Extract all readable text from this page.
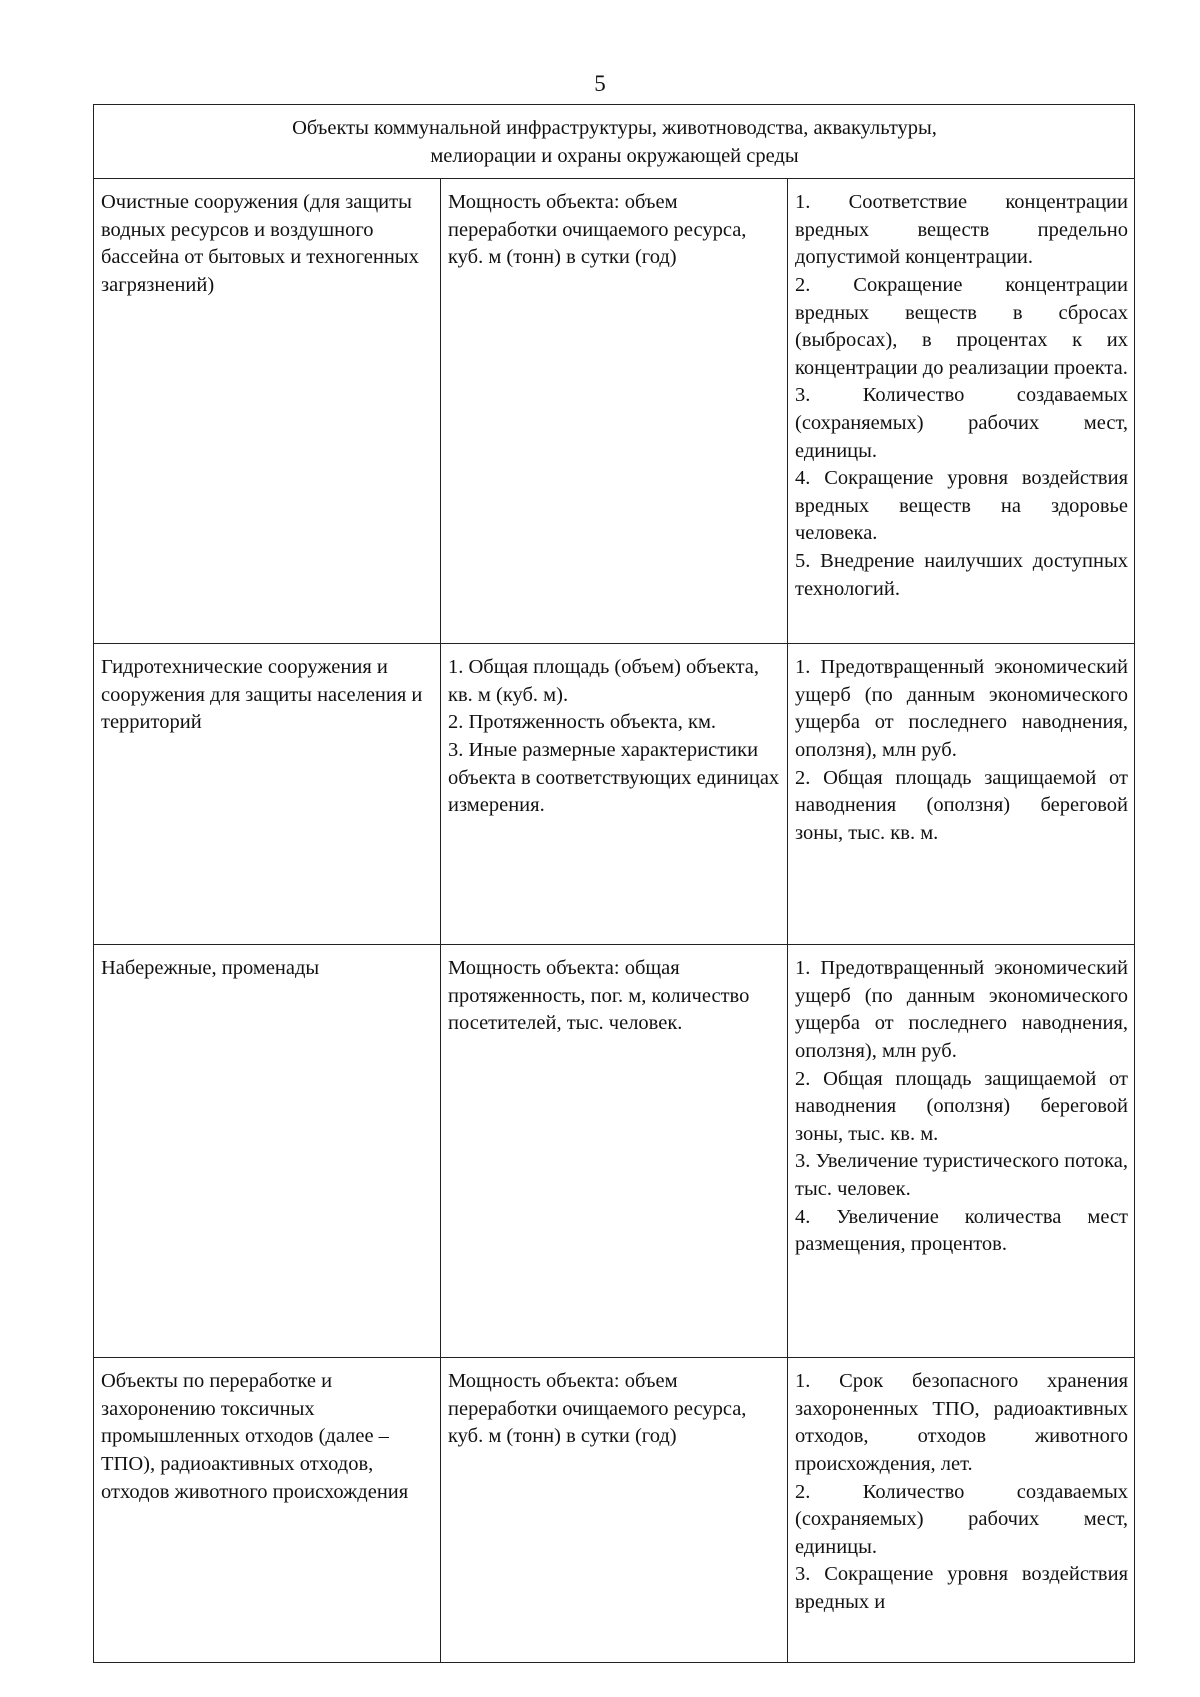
5
Объекты коммунальной инфраструктуры, животноводства, аквакультуры,
мелиорации и охраны окружающей среды		

Очистные сооружения (для защиты водных ресурсов и воздушного бассейна от бытовых и техногенных загрязнений)	Мощность объекта: объем переработки очищаемого ресурса, куб. м (тонн) в сутки (год)	1. Соответствие концентрации вредных веществ предельно допустимой концентрации.
2. Сокращение концентрации вредных веществ в сбросах (выбросах), в процентах к их концентрации до реализации проекта.
3. Количество создаваемых (сохраняемых) рабочих мест, единицы.
4. Сокращение уровня воздействия вредных веществ на здоровье человека.
5. Внедрение наилучших доступных технологий.

Гидротехнические сооружения и сооружения для защиты населения и территорий	1. Общая площадь (объем) объекта, кв. м (куб. м).
2. Протяженность объекта, км.
3. Иные размерные характеристики объекта в соответствующих единицах измерения.	1. Предотвращенный экономический ущерб (по данным экономического ущерба от последнего наводнения, оползня), млн руб.
2. Общая площадь защищаемой от наводнения (оползня) береговой зоны, тыс. кв. м.

Набережные, променады	Мощность объекта: общая протяженность, пог. м, количество посетителей, тыс. человек.	1. Предотвращенный экономический ущерб (по данным экономического ущерба от последнего наводнения, оползня), млн руб.
2. Общая площадь защищаемой от наводнения (оползня) береговой зоны, тыс. кв. м.
3. Увеличение туристического потока, тыс. человек.
4. Увеличение количества мест размещения, процентов.

Объекты по переработке и захоронению токсичных промышленных отходов (далее – ТПО), радиоактивных отходов, отходов животного происхождения	Мощность объекта: объем переработки очищаемого ресурса, куб. м (тонн) в сутки (год)	1. Срок безопасного хранения захороненных ТПО, радиоактивных отходов, отходов животного происхождения, лет.
2. Количество создаваемых (сохраняемых) рабочих мест, единицы.
3. Сокращение уровня воздействия вредных и
